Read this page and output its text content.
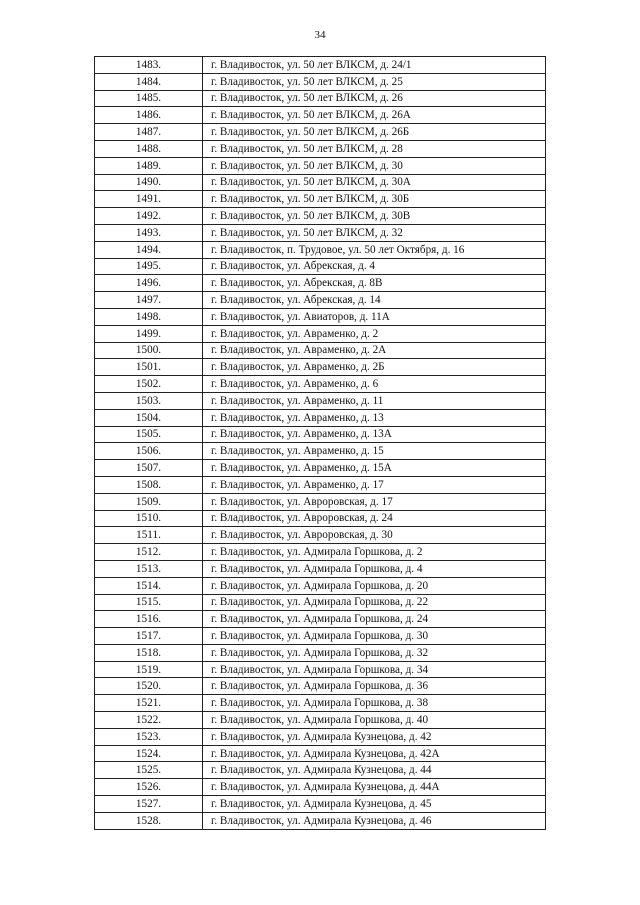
34
1483.	г. Владивосток, ул. 50 лет ВЛКСМ, д. 24/1
1484.	г. Владивосток, ул. 50 лет ВЛКСМ, д. 25
1485.	г. Владивосток, ул. 50 лет ВЛКСМ, д. 26
1486.	г. Владивосток, ул. 50 лет ВЛКСМ, д. 26А
1487.	г. Владивосток, ул. 50 лет ВЛКСМ, д. 26Б
1488.	г. Владивосток, ул. 50 лет ВЛКСМ, д. 28
1489.	г. Владивосток, ул. 50 лет ВЛКСМ, д. 30
1490.	г. Владивосток, ул. 50 лет ВЛКСМ, д. 30А
1491.	г. Владивосток, ул. 50 лет ВЛКСМ, д. 30Б
1492.	г. Владивосток, ул. 50 лет ВЛКСМ, д. 30В
1493.	г. Владивосток, ул. 50 лет ВЛКСМ, д. 32
1494.	г. Владивосток, п. Трудовое, ул. 50 лет Октября, д. 16
1495.	г. Владивосток, ул. Абрекская, д. 4
1496.	г. Владивосток, ул. Абрекская, д. 8В
1497.	г. Владивосток, ул. Абрекская, д. 14
1498.	г. Владивосток, ул. Авиаторов, д. 11А
1499.	г. Владивосток, ул. Авраменко, д. 2
1500.	г. Владивосток, ул. Авраменко, д. 2А
1501.	г. Владивосток, ул. Авраменко, д. 2Б
1502.	г. Владивосток, ул. Авраменко, д. 6
1503.	г. Владивосток, ул. Авраменко, д. 11
1504.	г. Владивосток, ул. Авраменко, д. 13
1505.	г. Владивосток, ул. Авраменко, д. 13А
1506.	г. Владивосток, ул. Авраменко, д. 15
1507.	г. Владивосток, ул. Авраменко, д. 15А
1508.	г. Владивосток, ул. Авраменко, д. 17
1509.	г. Владивосток, ул. Авроровская, д. 17
1510.	г. Владивосток, ул. Авроровская, д. 24
1511.	г. Владивосток, ул. Авроровская, д. 30
1512.	г. Владивосток, ул. Адмирала Горшкова, д. 2
1513.	г. Владивосток, ул. Адмирала Горшкова, д. 4
1514.	г. Владивосток, ул. Адмирала Горшкова, д. 20
1515.	г. Владивосток, ул. Адмирала Горшкова, д. 22
1516.	г. Владивосток, ул. Адмирала Горшкова, д. 24
1517.	г. Владивосток, ул. Адмирала Горшкова, д. 30
1518.	г. Владивосток, ул. Адмирала Горшкова, д. 32
1519.	г. Владивосток, ул. Адмирала Горшкова, д. 34
1520.	г. Владивосток, ул. Адмирала Горшкова, д. 36
1521.	г. Владивосток, ул. Адмирала Горшкова, д. 38
1522.	г. Владивосток, ул. Адмирала Горшкова, д. 40
1523.	г. Владивосток, ул. Адмирала Кузнецова, д. 42
1524.	г. Владивосток, ул. Адмирала Кузнецова, д. 42А
1525.	г. Владивосток, ул. Адмирала Кузнецова, д. 44
1526.	г. Владивосток, ул. Адмирала Кузнецова, д. 44А
1527.	г. Владивосток, ул. Адмирала Кузнецова, д. 45
1528.	г. Владивосток, ул. Адмирала Кузнецова, д. 46
